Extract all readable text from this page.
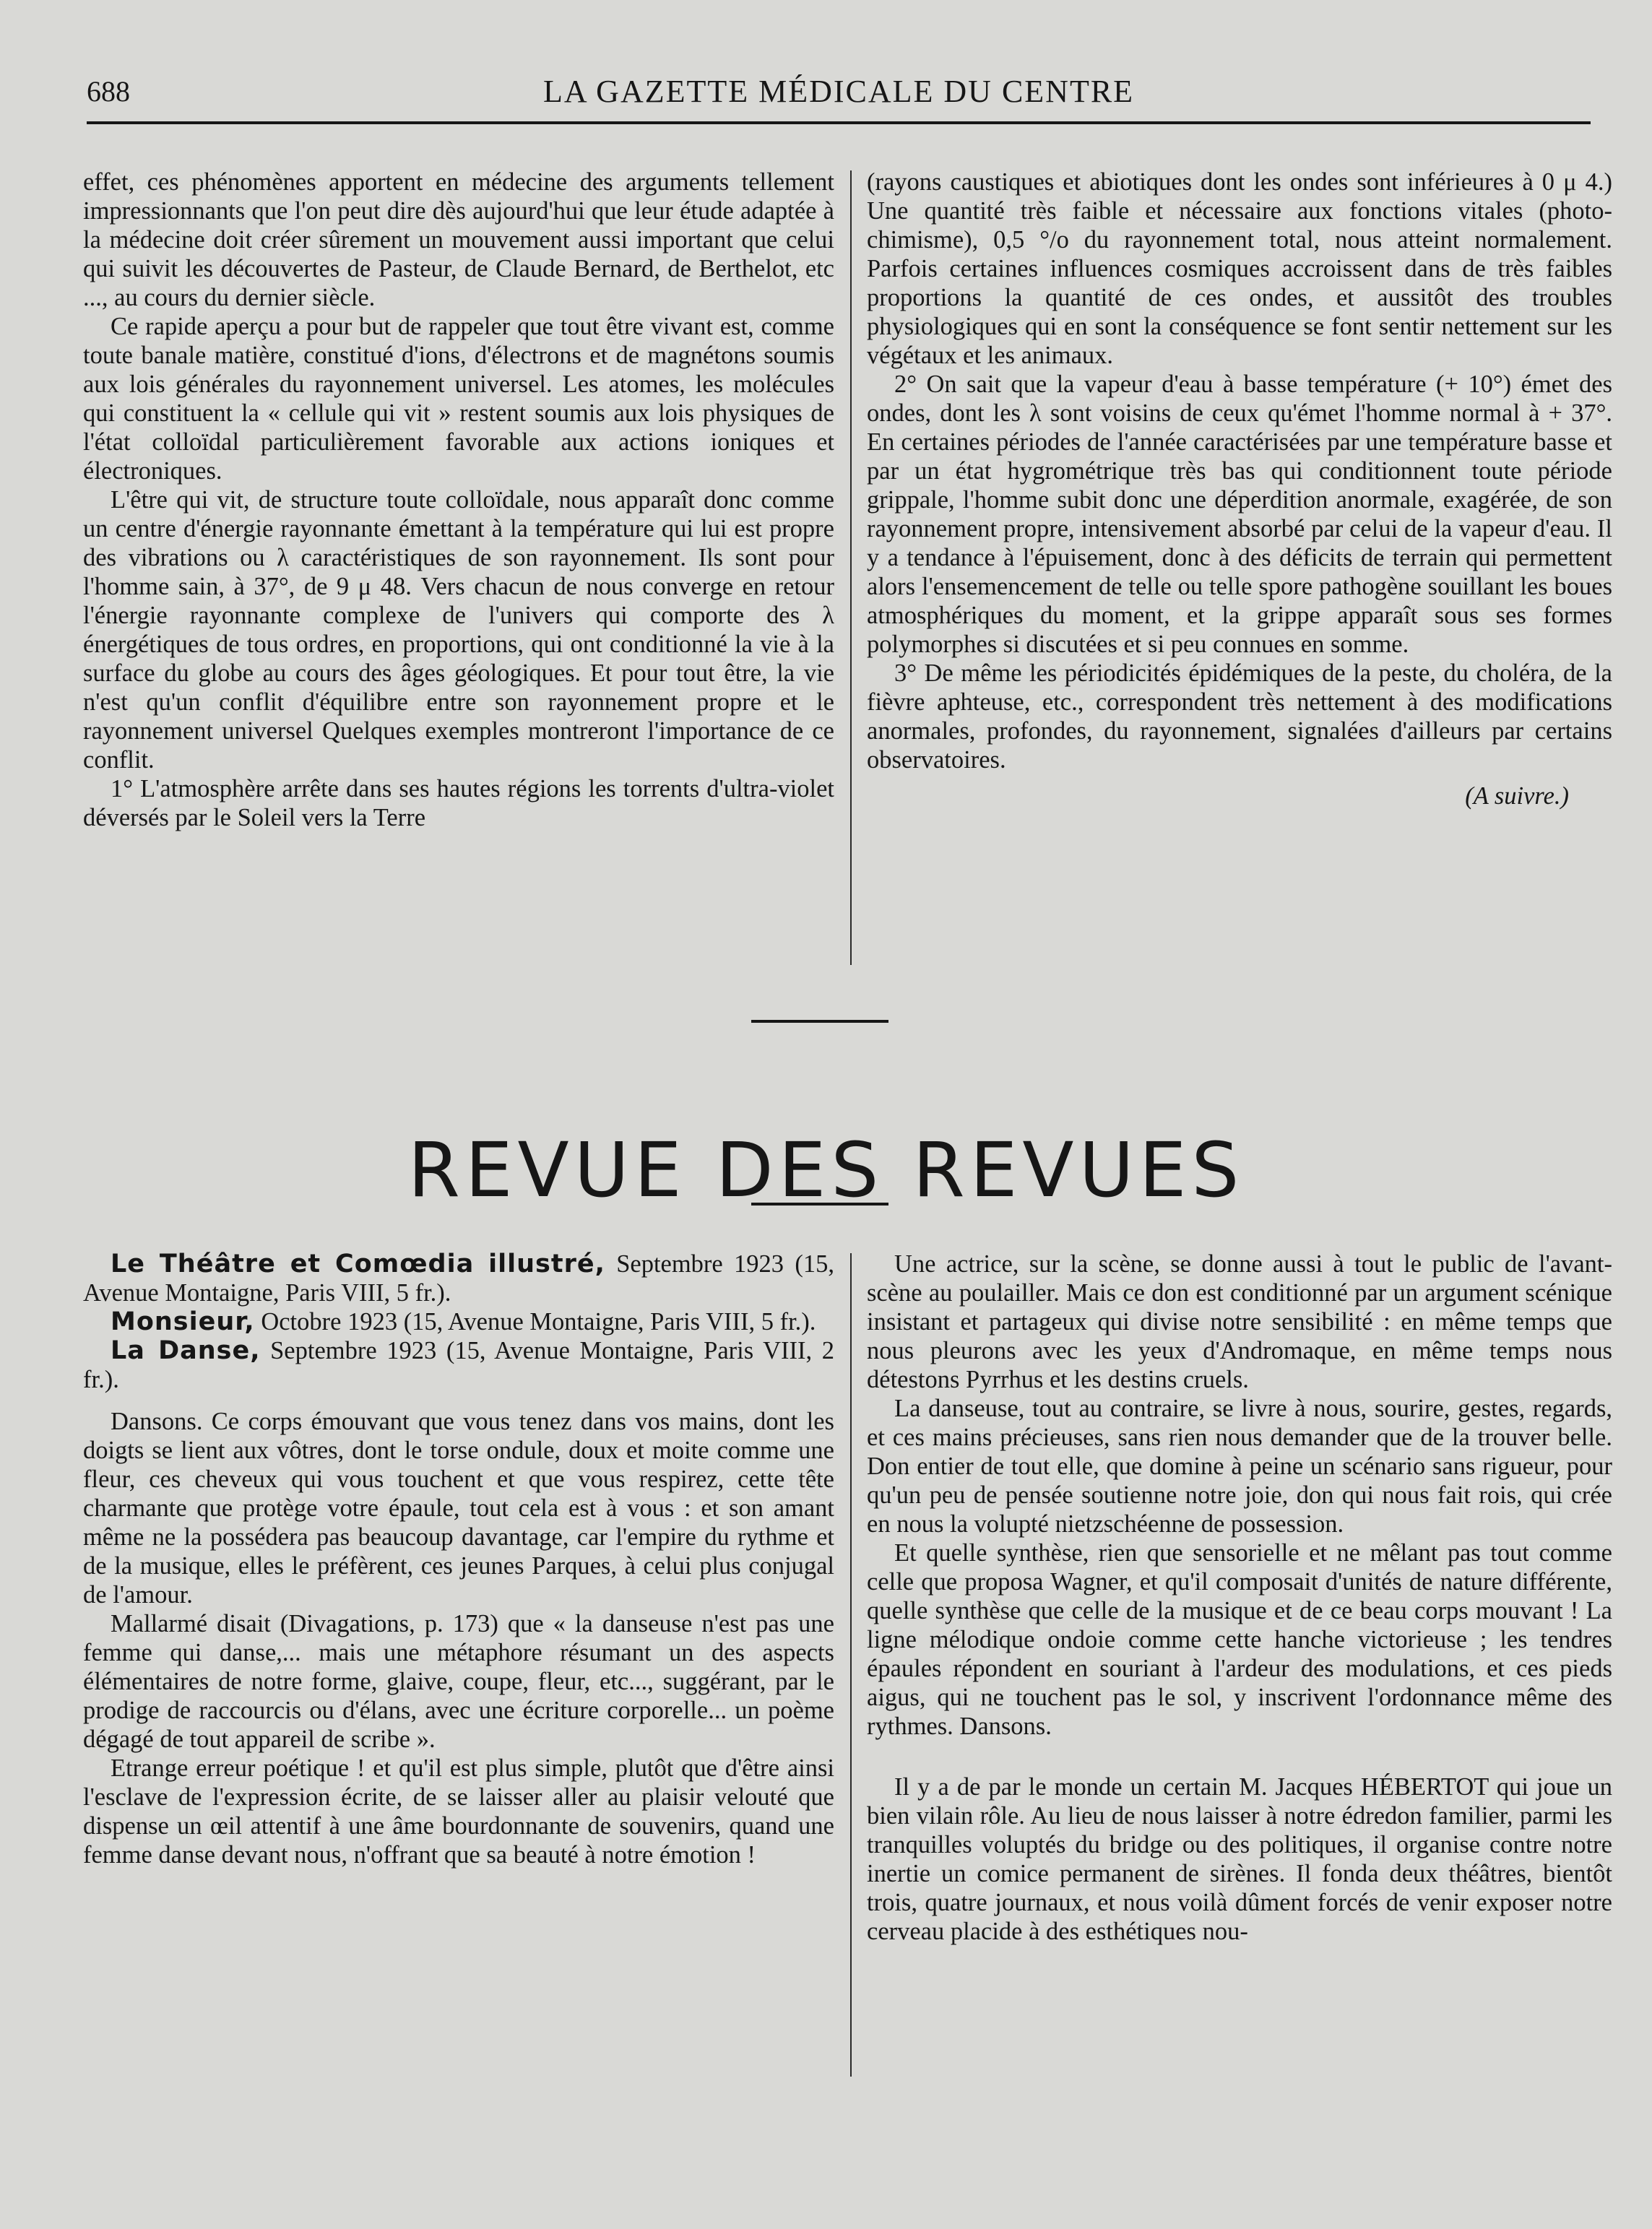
688	LA GAZETTE MÉDICALE DU CENTRE

effet, ces phénomènes apportent en médecine des arguments tellement impressionnants que l'on peut dire dès aujourd'hui que leur étude adaptée à la médecine doit créer sûrement un mouvement aussi important que celui qui suivit les découvertes de Pasteur, de Claude Bernard, de Berthelot, etc ..., au cours du dernier siècle.

Ce rapide aperçu a pour but de rappeler que tout être vivant est, comme toute banale matière, constitué d'ions, d'électrons et de magnétons soumis aux lois générales du rayonnement universel. Les atomes, les molécules qui constituent la « cellule qui vit » restent soumis aux lois physiques de l'état colloïdal particulièrement favorable aux actions ioniques et électroniques.

L'être qui vit, de structure toute colloïdale, nous apparaît donc comme un centre d'énergie rayonnante émettant à la température qui lui est propre des vibrations ou λ caractéristiques de son rayonnement. Ils sont pour l'homme sain, à 37°, de 9 μ 48. Vers chacun de nous converge en retour l'énergie rayonnante complexe de l'univers qui comporte des λ énergétiques de tous ordres, en proportions, qui ont conditionné la vie à la surface du globe au cours des âges géologiques. Et pour tout être, la vie n'est qu'un conflit d'équilibre entre son rayonnement propre et le rayonnement universel Quelques exemples montreront l'importance de ce conflit.

1° L'atmosphère arrête dans ses hautes régions les torrents d'ultra-violet déversés par le Soleil vers la Terre

(rayons caustiques et abiotiques dont les ondes sont inférieures à 0 μ 4.) Une quantité très faible et nécessaire aux fonctions vitales (photo-chimisme), 0,5 °/o du rayonnement total, nous atteint normalement. Parfois certaines influences cosmiques accroissent dans de très faibles proportions la quantité de ces ondes, et aussitôt des troubles physiologiques qui en sont la conséquence se font sentir nettement sur les végétaux et les animaux.

2° On sait que la vapeur d'eau à basse température (+ 10°) émet des ondes, dont les λ sont voisins de ceux qu'émet l'homme normal à + 37°. En certaines périodes de l'année caractérisées par une température basse et par un état hygrométrique très bas qui conditionnent toute période grippale, l'homme subit donc une déperdition anormale, exagérée, de son rayonnement propre, intensivement absorbé par celui de la vapeur d'eau. Il y a tendance à l'épuisement, donc à des déficits de terrain qui permettent alors l'ensemencement de telle ou telle spore pathogène souillant les boues atmosphériques du moment, et la grippe apparaît sous ses formes polymorphes si discutées et si peu connues en somme.

3° De même les périodicités épidémiques de la peste, du choléra, de la fièvre aphteuse, etc., correspondent très nettement à des modifications anormales, profondes, du rayonnement, signalées d'ailleurs par certains observatoires.

(A suivre.)

REVUE DES REVUES

Le Théâtre et Comœdia illustré, Septembre 1923 (15, Avenue Montaigne, Paris VIII, 5 fr.).

Monsieur, Octobre 1923 (15, Avenue Montaigne, Paris VIII, 5 fr.).

La Danse, Septembre 1923 (15, Avenue Montaigne, Paris VIII, 2 fr.).

Dansons. Ce corps émouvant que vous tenez dans vos mains, dont les doigts se lient aux vôtres, dont le torse ondule, doux et moite comme une fleur, ces cheveux qui vous touchent et que vous respirez, cette tête charmante que protège votre épaule, tout cela est à vous : et son amant même ne la possédera pas beaucoup davantage, car l'empire du rythme et de la musique, elles le préfèrent, ces jeunes Parques, à celui plus conjugal de l'amour.

Mallarmé disait (Divagations, p. 173) que « la danseuse n'est pas une femme qui danse,... mais une métaphore résumant un des aspects élémentaires de notre forme, glaive, coupe, fleur, etc..., suggérant, par le prodige de raccourcis ou d'élans, avec une écriture corporelle... un poème dégagé de tout appareil de scribe ».

Etrange erreur poétique ! et qu'il est plus simple, plutôt que d'être ainsi l'esclave de l'expression écrite, de se laisser aller au plaisir velouté que dispense un œil attentif à une âme bourdonnante de souvenirs, quand une femme danse devant nous, n'offrant que sa beauté à notre émotion !

Une actrice, sur la scène, se donne aussi à tout le public de l'avant-scène au poulailler. Mais ce don est conditionné par un argument scénique insistant et partageux qui divise notre sensibilité : en même temps que nous pleurons avec les yeux d'Andromaque, en même temps nous détestons Pyrrhus et les destins cruels.

La danseuse, tout au contraire, se livre à nous, sourire, gestes, regards, et ces mains précieuses, sans rien nous demander que de la trouver belle. Don entier de tout elle, que domine à peine un scénario sans rigueur, pour qu'un peu de pensée soutienne notre joie, don qui nous fait rois, qui crée en nous la volupté nietzschéenne de possession.

Et quelle synthèse, rien que sensorielle et ne mêlant pas tout comme celle que proposa Wagner, et qu'il composait d'unités de nature différente, quelle synthèse que celle de la musique et de ce beau corps mouvant ! La ligne mélodique ondoie comme cette hanche victorieuse ; les tendres épaules répondent en souriant à l'ardeur des modulations, et ces pieds aigus, qui ne touchent pas le sol, y inscrivent l'ordonnance même des rythmes. Dansons.

Il y a de par le monde un certain M. Jacques HÉBERTOT qui joue un bien vilain rôle. Au lieu de nous laisser à notre édredon familier, parmi les tranquilles voluptés du bridge ou des politiques, il organise contre notre inertie un comice permanent de sirènes. Il fonda deux théâtres, bientôt trois, quatre journaux, et nous voilà dûment forcés de venir exposer notre cerveau placide à des esthétiques nou-
